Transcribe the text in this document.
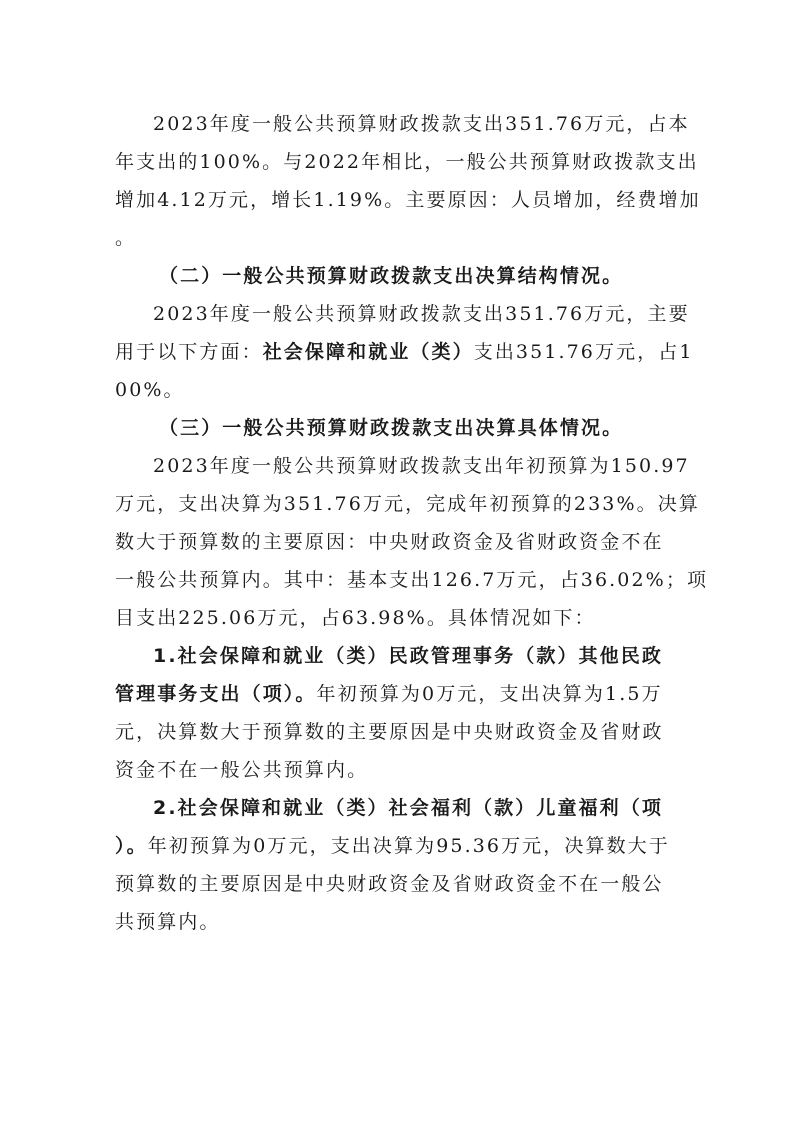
2023年度一般公共预算财政拨款支出351.76万元，占本
年支出的100%。与2022年相比，一般公共预算财政拨款支出
增加4.12万元，增长1.19%。主要原因：人员增加，经费增加
。
（二）一般公共预算财政拨款支出决算结构情况。
2023年度一般公共预算财政拨款支出351.76万元，主要
用于以下方面：社会保障和就业（类）支出351.76万元，占1
00%。
（三）一般公共预算财政拨款支出决算具体情况。
2023年度一般公共预算财政拨款支出年初预算为150.97
万元，支出决算为351.76万元，完成年初预算的233%。决算
数大于预算数的主要原因：中央财政资金及省财政资金不在
一般公共预算内。其中：基本支出126.7万元，占36.02%；项
目支出225.06万元，占63.98%。具体情况如下：
1.社会保障和就业（类）民政管理事务（款）其他民政
管理事务支出（项）。年初预算为0万元，支出决算为1.5万
元，决算数大于预算数的主要原因是中央财政资金及省财政
资金不在一般公共预算内。
2.社会保障和就业（类）社会福利（款）儿童福利（项
）。年初预算为0万元，支出决算为95.36万元，决算数大于
预算数的主要原因是中央财政资金及省财政资金不在一般公
共预算内。
